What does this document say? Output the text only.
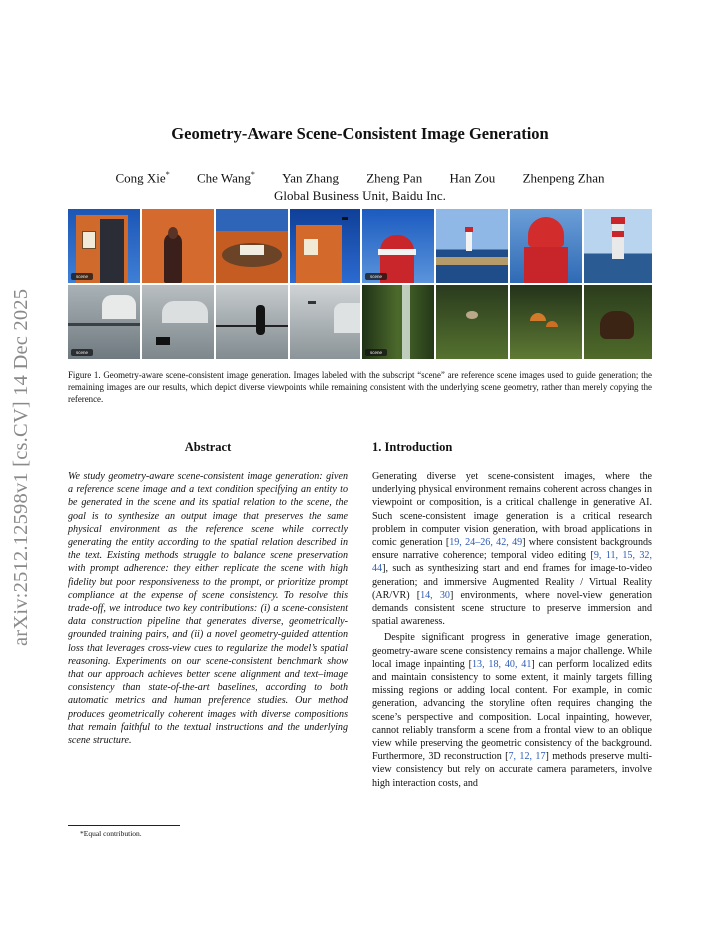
arXiv:2512.12598v1 [cs.CV] 14 Dec 2025
Geometry-Aware Scene-Consistent Image Generation
Cong Xie* Che Wang* Yan Zhang Zheng Pan Han Zou Zhenpeng Zhan
Global Business Unit, Baidu Inc.
scene	scene
scene	scene
Figure 1. Geometry-aware scene-consistent image generation. Images labeled with the subscript “scene” are reference scene images used to guide generation; the remaining images are our results, which depict diverse viewpoints while remaining consistent with the underlying scene geometry, rather than merely copying the reference.
Abstract	1. Introduction
We study geometry-aware scene-consistent image generation: given a reference scene image and a text condition specifying an entity to be generated in the scene and its spatial relation to the scene, the goal is to synthesize an output image that preserves the same physical environment as the reference scene while correctly generating the entity according to the spatial relation described in the text. Existing methods struggle to balance scene preservation with prompt adherence: they either replicate the scene with high fidelity but poor responsiveness to the prompt, or prioritize prompt compliance at the expense of scene consistency. To resolve this trade-off, we introduce two key contributions: (i) a scene-consistent data construction pipeline that generates diverse, geometrically-grounded training pairs, and (ii) a novel geometry-guided attention loss that leverages cross-view cues to regularize the model’s spatial reasoning. Experiments on our scene-consistent benchmark show that our approach achieves better scene alignment and text–image consistency than state-of-the-art baselines, according to both automatic metrics and human preference studies. Our method produces geometrically coherent images with diverse compositions that remain faithful to the textual instructions and the underlying scene structure.
Generating diverse yet scene-consistent images, where the underlying physical environment remains coherent across changes in viewpoint or composition, is a critical challenge in generative AI. Such scene-consistent image generation is a critical research problem in computer vision generation, with broad applications in comic generation [19, 24–26, 42, 49] where consistent backgrounds ensure narrative coherence; temporal video editing [9, 11, 15, 32, 44], such as synthesizing start and end frames for image-to-video generation; and immersive Augmented Reality / Virtual Reality (AR/VR) [14, 30] environments, where novel-view generation demands consistent scene structure to preserve immersion and spatial awareness.
Despite significant progress in generative image generation, geometry-aware scene consistency remains a major challenge. While local image inpainting [13, 18, 40, 41] can perform localized edits and maintain consistency to some extent, it mainly targets filling missing regions or adding local content. For example, in comic generation, advancing the storyline often requires changing the scene’s perspective and composition. Local inpainting, however, cannot reliably transform a scene from a frontal view to an oblique view while preserving the geometric consistency of the background. Furthermore, 3D reconstruction [7, 12, 17] methods preserve multi-view consistency but rely on accurate camera parameters, involve high interaction costs, and
*Equal contribution.
